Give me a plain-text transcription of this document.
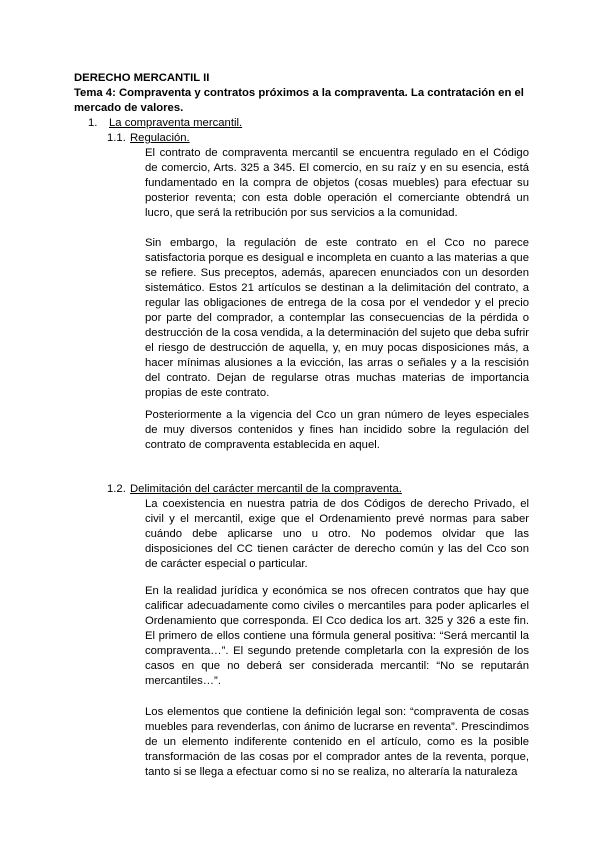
DERECHO MERCANTIL II
Tema 4: Compraventa y contratos próximos a la compraventa. La contratación en el mercado de valores.
1. La compraventa mercantil.
1.1. Regulación.

El contrato de compraventa mercantil se encuentra regulado en el Código de comercio, Arts. 325 a 345. El comercio, en su raíz y en su esencia, está fundamentado en la compra de objetos (cosas muebles) para efectuar su posterior reventa; con esta doble operación el comerciante obtendrá un lucro, que será la retribución por sus servicios a la comunidad.

Sin embargo, la regulación de este contrato en el Cco no parece satisfactoria porque es desigual e incompleta en cuanto a las materias a que se refiere. Sus preceptos, además, aparecen enunciados con un desorden sistemático. Estos 21 artículos se destinan a la delimitación del contrato, a regular las obligaciones de entrega de la cosa por el vendedor y el precio por parte del comprador, a contemplar las consecuencias de la pérdida o destrucción de la cosa vendida, a la determinación del sujeto que deba sufrir el riesgo de destrucción de aquella, y, en muy pocas disposiciones más, a hacer mínimas alusiones a la evicción, las arras o señales y a la rescisión del contrato. Dejan de regularse otras muchas materias de importancia propias de este contrato.

Posteriormente a la vigencia del Cco un gran número de leyes especiales de muy diversos contenidos y fines han incidido sobre la regulación del contrato de compraventa establecida en aquel.

1.2. Delimitación del carácter mercantil de la compraventa.

La coexistencia en nuestra patria de dos Códigos de derecho Privado, el civil y el mercantil, exige que el Ordenamiento prevé normas para saber cuándo debe aplicarse uno u otro. No podemos olvidar que las disposiciones del CC tienen carácter de derecho común y las del Cco son de carácter especial o particular.

En la realidad jurídica y económica se nos ofrecen contratos que hay que calificar adecuadamente como civiles o mercantiles para poder aplicarles el Ordenamiento que corresponda. El Cco dedica los art. 325 y 326 a este fin. El primero de ellos contiene una fórmula general positiva: “Será mercantil la compraventa…”. El segundo pretende completarla con la expresión de los casos en que no deberá ser considerada mercantil: “No se reputarán mercantiles…”.

Los elementos que contiene la definición legal son: “compraventa de cosas muebles para revenderlas, con ánimo de lucrarse en reventa”. Prescindimos de un elemento indiferente contenido en el artículo, como es la posible transformación de las cosas por el comprador antes de la reventa, porque, tanto si se llega a efectuar como si no se realiza, no alteraría la naturaleza
